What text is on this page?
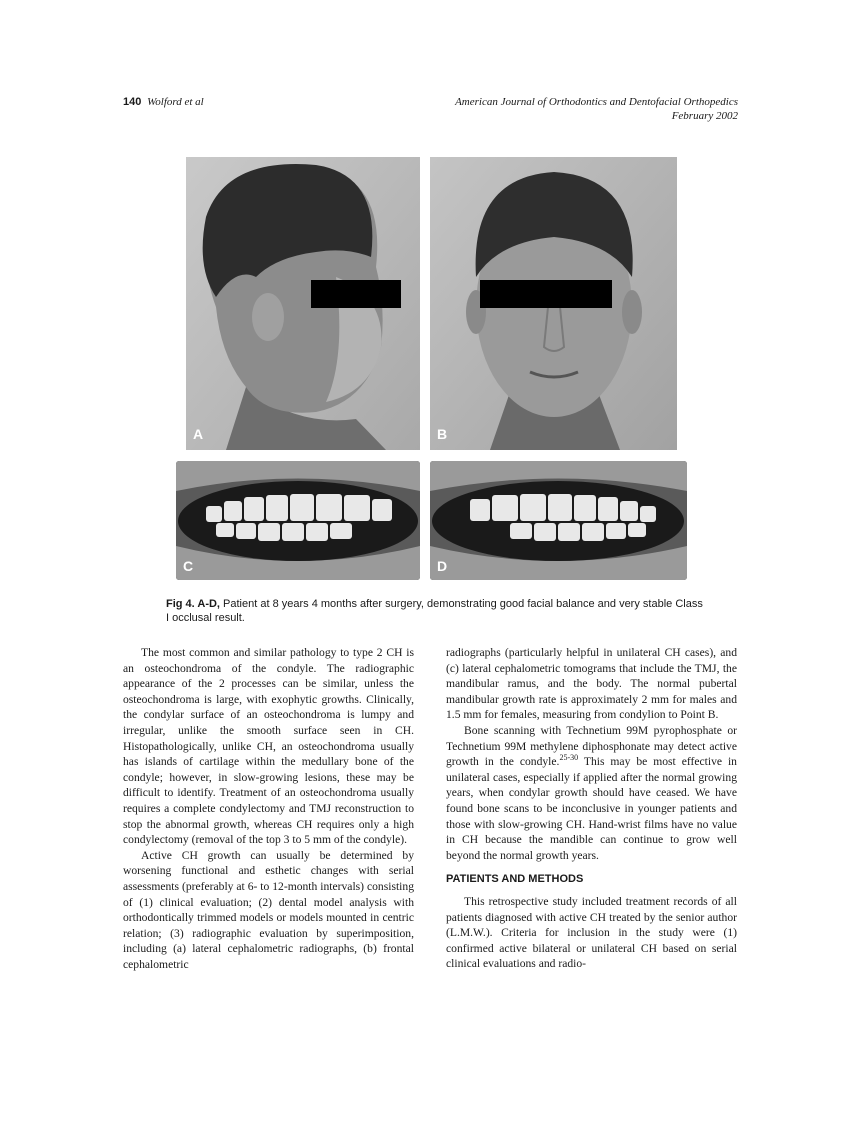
140 Wolford et al	American Journal of Orthodontics and Dentofacial Orthopedics
February 2002
A	B
C	D
Fig 4. A-D, Patient at 8 years 4 months after surgery, demonstrating good facial balance and very stable Class I occlusal result.

The most common and similar pathology to type 2 CH is an osteochondroma of the condyle. The radiographic appearance of the 2 processes can be similar, unless the osteochondroma is large, with exophytic growths. Clinically, the condylar surface of an osteochondroma is lumpy and irregular, unlike the smooth surface seen in CH. Histopathologically, unlike CH, an osteochondroma usually has islands of cartilage within the medullary bone of the condyle; however, in slow-growing lesions, these may be difficult to identify. Treatment of an osteochondroma usually requires a complete condylectomy and TMJ reconstruction to stop the abnormal growth, whereas CH requires only a high condylectomy (removal of the top 3 to 5 mm of the condyle).

Active CH growth can usually be determined by worsening functional and esthetic changes with serial assessments (preferably at 6- to 12-month intervals) consisting of (1) clinical evaluation; (2) dental model analysis with orthodontically trimmed models or models mounted in centric relation; (3) radiographic evaluation by superimposition, including (a) lateral cephalometric radiographs, (b) frontal cephalometric

radiographs (particularly helpful in unilateral CH cases), and (c) lateral cephalometric tomograms that include the TMJ, the mandibular ramus, and the body. The normal pubertal mandibular growth rate is approximately 2 mm for males and 1.5 mm for females, measuring from condylion to Point B.

Bone scanning with Technetium 99M pyrophosphate or Technetium 99M methylene diphosphonate may detect active growth in the condyle.$^{25-30}$ This may be most effective in unilateral cases, especially if applied after the normal growing years, when condylar growth should have ceased. We have found bone scans to be inconclusive in younger patients and those with slow-growing CH. Hand-wrist films have no value in CH because the mandible can continue to grow well beyond the normal growth years.

PATIENTS AND METHODS

This retrospective study included treatment records of all patients diagnosed with active CH treated by the senior author (L.M.W.). Criteria for inclusion in the study were (1) confirmed active bilateral or unilateral CH based on serial clinical evaluations and radio-
